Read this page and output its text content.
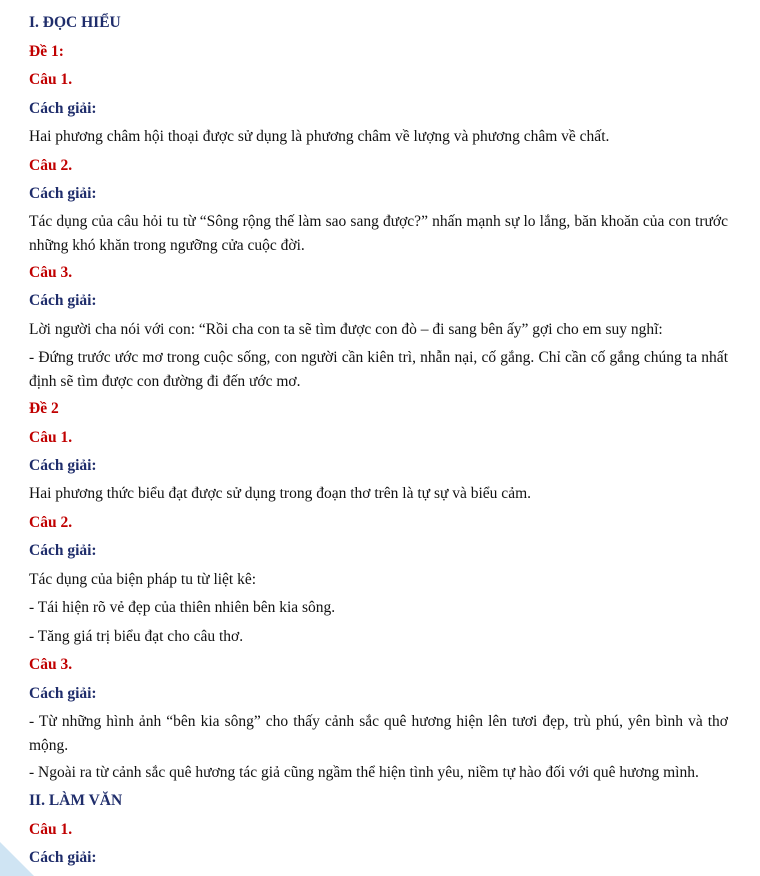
I. ĐỌC HIỂU
Đề 1:
Câu 1.
Cách giải:
Hai phương châm hội thoại được sử dụng là phương châm về lượng và phương châm về chất.
Câu 2.
Cách giải:
Tác dụng của câu hỏi tu từ “Sông rộng thế làm sao sang được?” nhấn mạnh sự lo lắng, băn khoăn của con trước những khó khăn trong ngưỡng cửa cuộc đời.
Câu 3.
Cách giải:
Lời người cha nói với con: “Rồi cha con ta sẽ tìm được con đò – đi sang bên ấy” gợi cho em suy nghĩ:
- Đứng trước ước mơ trong cuộc sống, con người cần kiên trì, nhẫn nại, cố gắng. Chỉ cần cố gắng chúng ta nhất định sẽ tìm được con đường đi đến ước mơ.
Đề 2
Câu 1.
Cách giải:
Hai phương thức biểu đạt được sử dụng trong đoạn thơ trên là tự sự và biểu cảm.
Câu 2.
Cách giải:
Tác dụng của biện pháp tu từ liệt kê:
- Tái hiện rõ vẻ đẹp của thiên nhiên bên kia sông.
- Tăng giá trị biểu đạt cho câu thơ.
Câu 3.
Cách giải:
- Từ những hình ảnh “bên kia sông” cho thấy cảnh sắc quê hương hiện lên tươi đẹp, trù phú, yên bình và thơ mộng.
- Ngoài ra từ cảnh sắc quê hương tác giả cũng ngầm thể hiện tình yêu, niềm tự hào đối với quê hương mình.
II. LÀM VĂN
Câu 1.
Cách giải:
